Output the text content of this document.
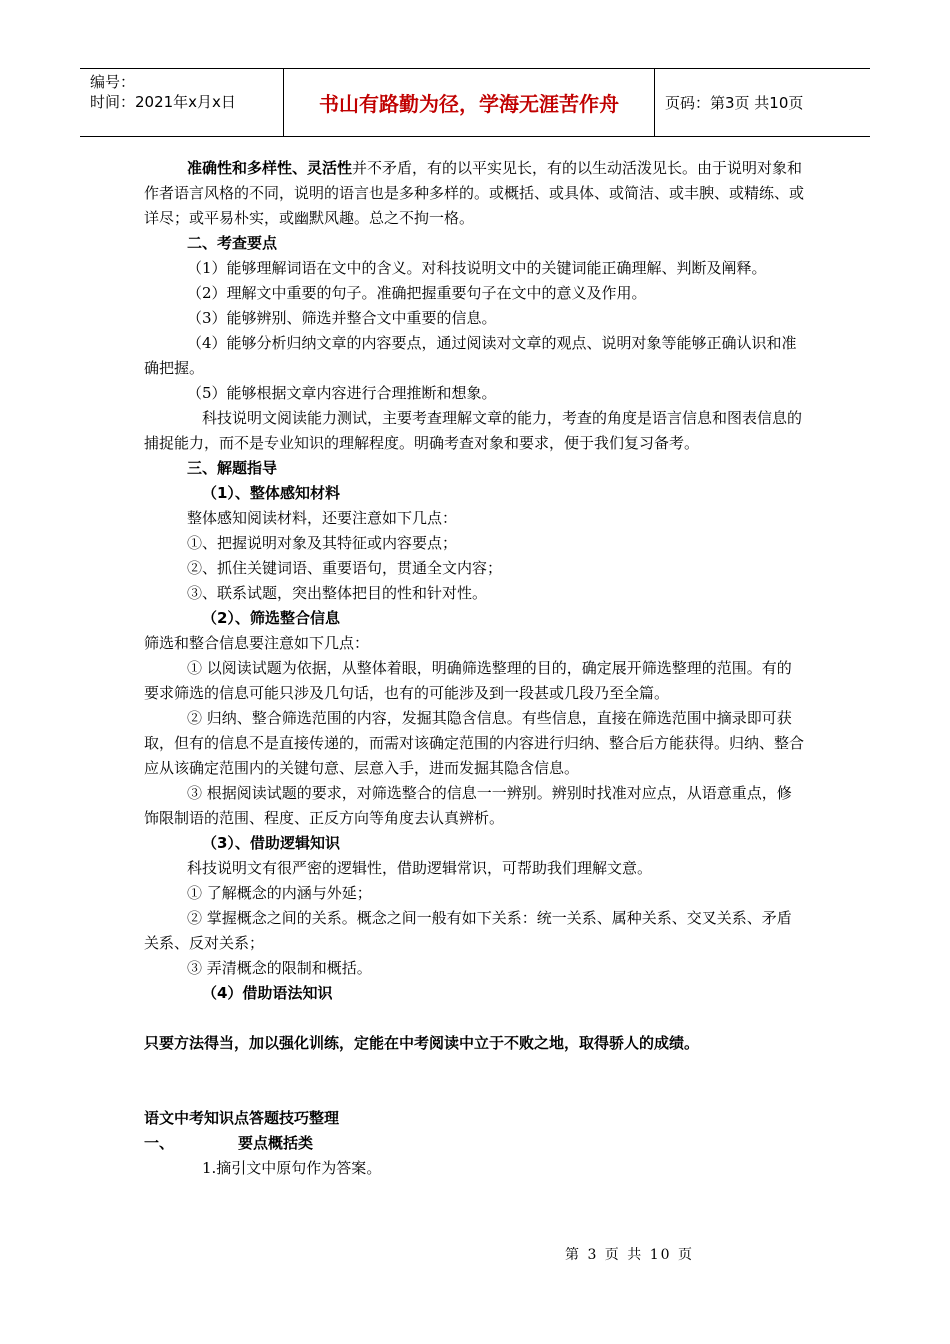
编号：
时间：2021年x月x日	书山有路勤为径，学海无涯苦作舟	页码：第3页 共10页

准确性和多样性、灵活性并不矛盾，有的以平实见长，有的以生动活泼见长。由于说明对象和作者语言风格的不同，说明的语言也是多种多样的。或概括、或具体、或简洁、或丰腴、或精练、或详尽；或平易朴实，或幽默风趣。总之不拘一格。

二、考查要点

（1）能够理解词语在文中的含义。对科技说明文中的关键词能正确理解、判断及阐释。

（2）理解文中重要的句子。准确把握重要句子在文中的意义及作用。

（3）能够辨别、筛选并整合文中重要的信息。

（4）能够分析归纳文章的内容要点，通过阅读对文章的观点、说明对象等能够正确认识和准确把握。

（5）能够根据文章内容进行合理推断和想象。

科技说明文阅读能力测试，主要考查理解文章的能力，考查的角度是语言信息和图表信息的捕捉能力，而不是专业知识的理解程度。明确考查对象和要求，便于我们复习备考。

三、解题指导

（1）、整体感知材料

整体感知阅读材料，还要注意如下几点：

①、把握说明对象及其特征或内容要点；

②、抓住关键词语、重要语句，贯通全文内容；

③、联系试题，突出整体把目的性和针对性。

（2）、筛选整合信息

筛选和整合信息要注意如下几点：

① 以阅读试题为依据，从整体着眼，明确筛选整理的目的，确定展开筛选整理的范围。有的要求筛选的信息可能只涉及几句话，也有的可能涉及到一段甚或几段乃至全篇。

② 归纳、整合筛选范围的内容，发掘其隐含信息。有些信息，直接在筛选范围中摘录即可获取，但有的信息不是直接传递的，而需对该确定范围的内容进行归纳、整合后方能获得。归纳、整合应从该确定范围内的关键句意、层意入手，进而发掘其隐含信息。

③ 根据阅读试题的要求，对筛选整合的信息一一辨别。辨别时找准对应点，从语意重点，修饰限制语的范围、程度、正反方向等角度去认真辨析。

（3）、借助逻辑知识

科技说明文有很严密的逻辑性，借助逻辑常识，可帮助我们理解文意。

① 了解概念的内涵与外延；

② 掌握概念之间的关系。概念之间一般有如下关系：统一关系、属种关系、交叉关系、矛盾关系、反对关系；

③ 弄清概念的限制和概括。

（4）借助语法知识

只要方法得当，加以强化训练，定能在中考阅读中立于不败之地，取得骄人的成绩。

语文中考知识点答题技巧整理

一、	要点概括类

1.摘引文中原句作为答案。

第 3 页 共 10 页
